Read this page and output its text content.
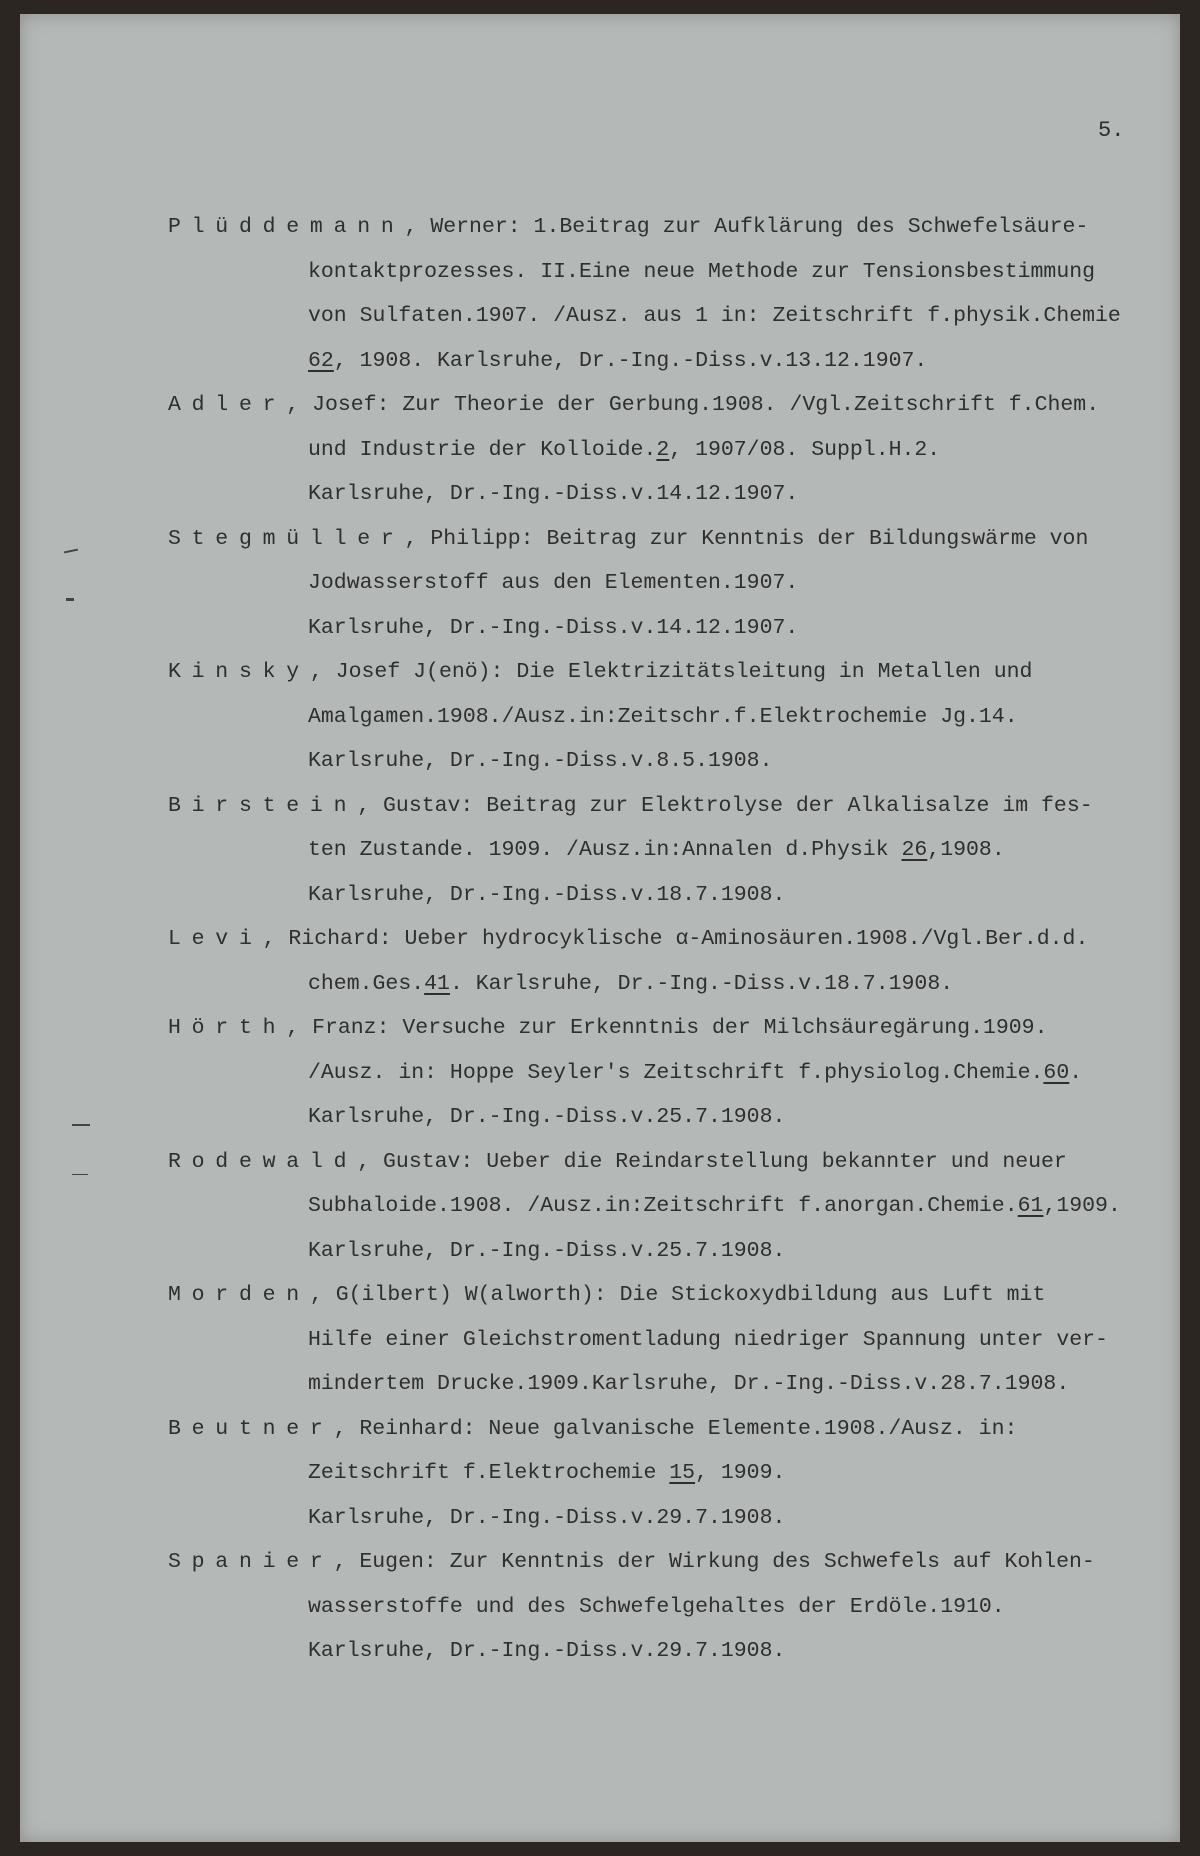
5.
Plüddemann, Werner: 1.Beitrag zur Aufklärung des Schwefelsäure-
kontaktprozesses. II.Eine neue Methode zur Tensionsbestimmung
von Sulfaten.1907. /Ausz. aus 1 in: Zeitschrift f.physik.Chemie
62, 1908. Karlsruhe, Dr.-Ing.-Diss.v.13.12.1907.
Adler, Josef: Zur Theorie der Gerbung.1908. /Vgl.Zeitschrift f.Chem.
und Industrie der Kolloide.2, 1907/08. Suppl.H.2.
Karlsruhe, Dr.-Ing.-Diss.v.14.12.1907.
Stegmüller, Philipp: Beitrag zur Kenntnis der Bildungswärme von
Jodwasserstoff aus den Elementen.1907.
Karlsruhe, Dr.-Ing.-Diss.v.14.12.1907.
Kinsky, Josef J(enö): Die Elektrizitätsleitung in Metallen und
Amalgamen.1908./Ausz.in:Zeitschr.f.Elektrochemie Jg.14.
Karlsruhe, Dr.-Ing.-Diss.v.8.5.1908.
Birstein, Gustav: Beitrag zur Elektrolyse der Alkalisalze im fes-
ten Zustande. 1909. /Ausz.in:Annalen d.Physik 26,1908.
Karlsruhe, Dr.-Ing.-Diss.v.18.7.1908.
Levi, Richard: Ueber hydrocyklische α-Aminosäuren.1908./Vgl.Ber.d.d.
chem.Ges.41. Karlsruhe, Dr.-Ing.-Diss.v.18.7.1908.
Hörth, Franz: Versuche zur Erkenntnis der Milchsäuregärung.1909.
/Ausz. in: Hoppe Seyler's Zeitschrift f.physiolog.Chemie.60.
Karlsruhe, Dr.-Ing.-Diss.v.25.7.1908.
Rodewald, Gustav: Ueber die Reindarstellung bekannter und neuer
Subhaloide.1908. /Ausz.in:Zeitschrift f.anorgan.Chemie.61,1909.
Karlsruhe, Dr.-Ing.-Diss.v.25.7.1908.
Morden, G(ilbert) W(alworth): Die Stickoxydbildung aus Luft mit
Hilfe einer Gleichstromentladung niedriger Spannung unter ver-
mindertem Drucke.1909.Karlsruhe, Dr.-Ing.-Diss.v.28.7.1908.
Beutner, Reinhard: Neue galvanische Elemente.1908./Ausz. in:
Zeitschrift f.Elektrochemie 15, 1909.
Karlsruhe, Dr.-Ing.-Diss.v.29.7.1908.
Spanier, Eugen: Zur Kenntnis der Wirkung des Schwefels auf Kohlen-
wasserstoffe und des Schwefelgehaltes der Erdöle.1910.
Karlsruhe, Dr.-Ing.-Diss.v.29.7.1908.
